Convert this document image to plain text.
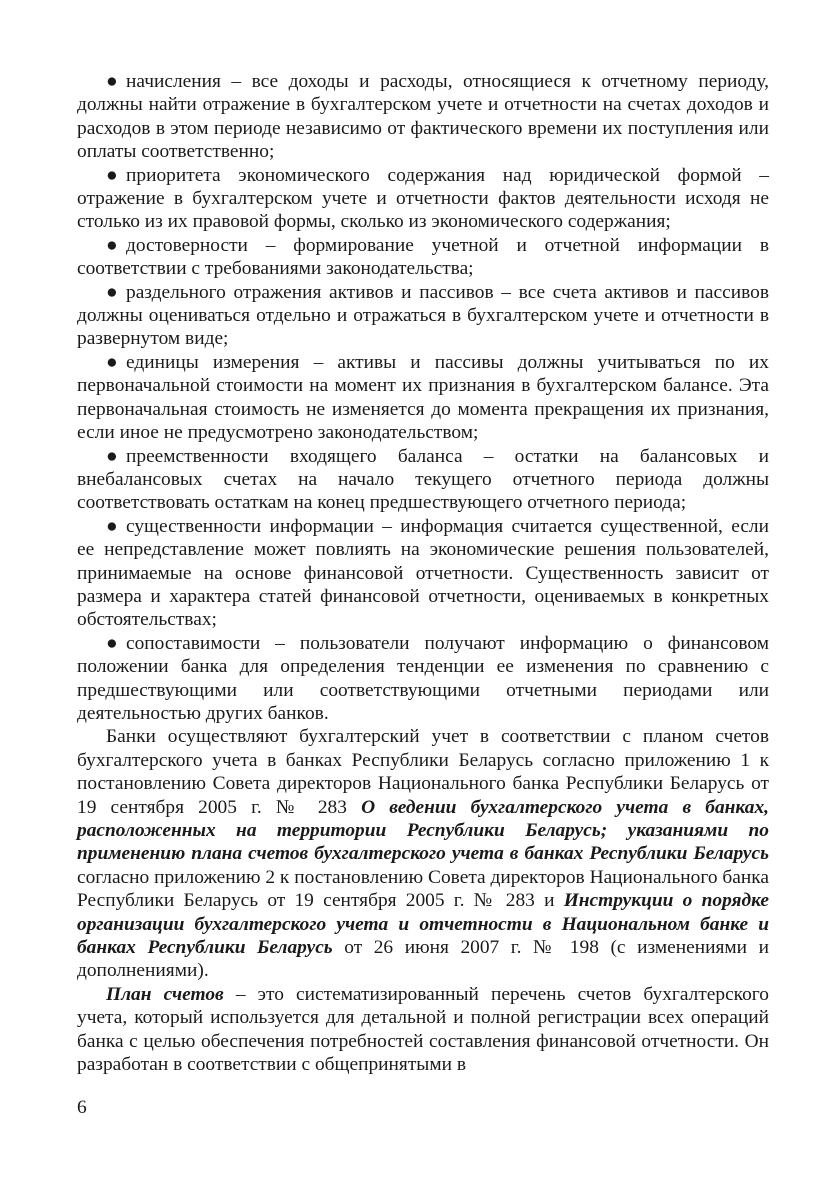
● начисления – все доходы и расходы, относящиеся к отчетному периоду, должны найти отражение в бухгалтерском учете и отчетности на счетах доходов и расходов в этом периоде независимо от фактического времени их поступления или оплаты соответственно;

● приоритета экономического содержания над юридической формой – отражение в бухгалтерском учете и отчетности фактов деятельности исходя не столько из их правовой формы, сколько из экономического содержания;

● достоверности – формирование учетной и отчетной информации в соответствии с требованиями законодательства;

● раздельного отражения активов и пассивов – все счета активов и пассивов должны оцениваться отдельно и отражаться в бухгалтерском учете и отчетности в развернутом виде;

● единицы измерения – активы и пассивы должны учитываться по их первоначальной стоимости на момент их признания в бухгалтерском балансе. Эта первоначальная стоимость не изменяется до момента прекращения их признания, если иное не предусмотрено законодательством;

● преемственности входящего баланса – остатки на балансовых и внебалансовых счетах на начало текущего отчетного периода должны соответствовать остаткам на конец предшествующего отчетного периода;

● существенности информации – информация считается существенной, если ее непредставление может повлиять на экономические решения пользователей, принимаемые на основе финансовой отчетности. Существенность зависит от размера и характера статей финансовой отчетности, оцениваемых в конкретных обстоятельствах;

● сопоставимости – пользователи получают информацию о финансовом положении банка для определения тенденции ее изменения по сравнению с предшествующими или соответствующими отчетными периодами или деятельностью других банков.

Банки осуществляют бухгалтерский учет в соответствии с планом счетов бухгалтерского учета в банках Республики Беларусь согласно приложению 1 к постановлению Совета директоров Национального банка Республики Беларусь от 19 сентября 2005 г. № 283 О ведении бухгалтерского учета в банках, расположенных на территории Республики Беларусь; указаниями по применению плана счетов бухгалтерского учета в банках Республики Беларусь согласно приложению 2 к постановлению Совета директоров Национального банка Республики Беларусь от 19 сентября 2005 г. № 283 и Инструкции о порядке организации бухгалтерского учета и отчетности в Национальном банке и банках Республики Беларусь от 26 июня 2007 г. № 198 (с изменениями и дополнениями).

План счетов – это систематизированный перечень счетов бухгалтерского учета, который используется для детальной и полной регистрации всех операций банка с целью обеспечения потребностей составления финансовой отчетности. Он разработан в соответствии с общепринятыми в

6
